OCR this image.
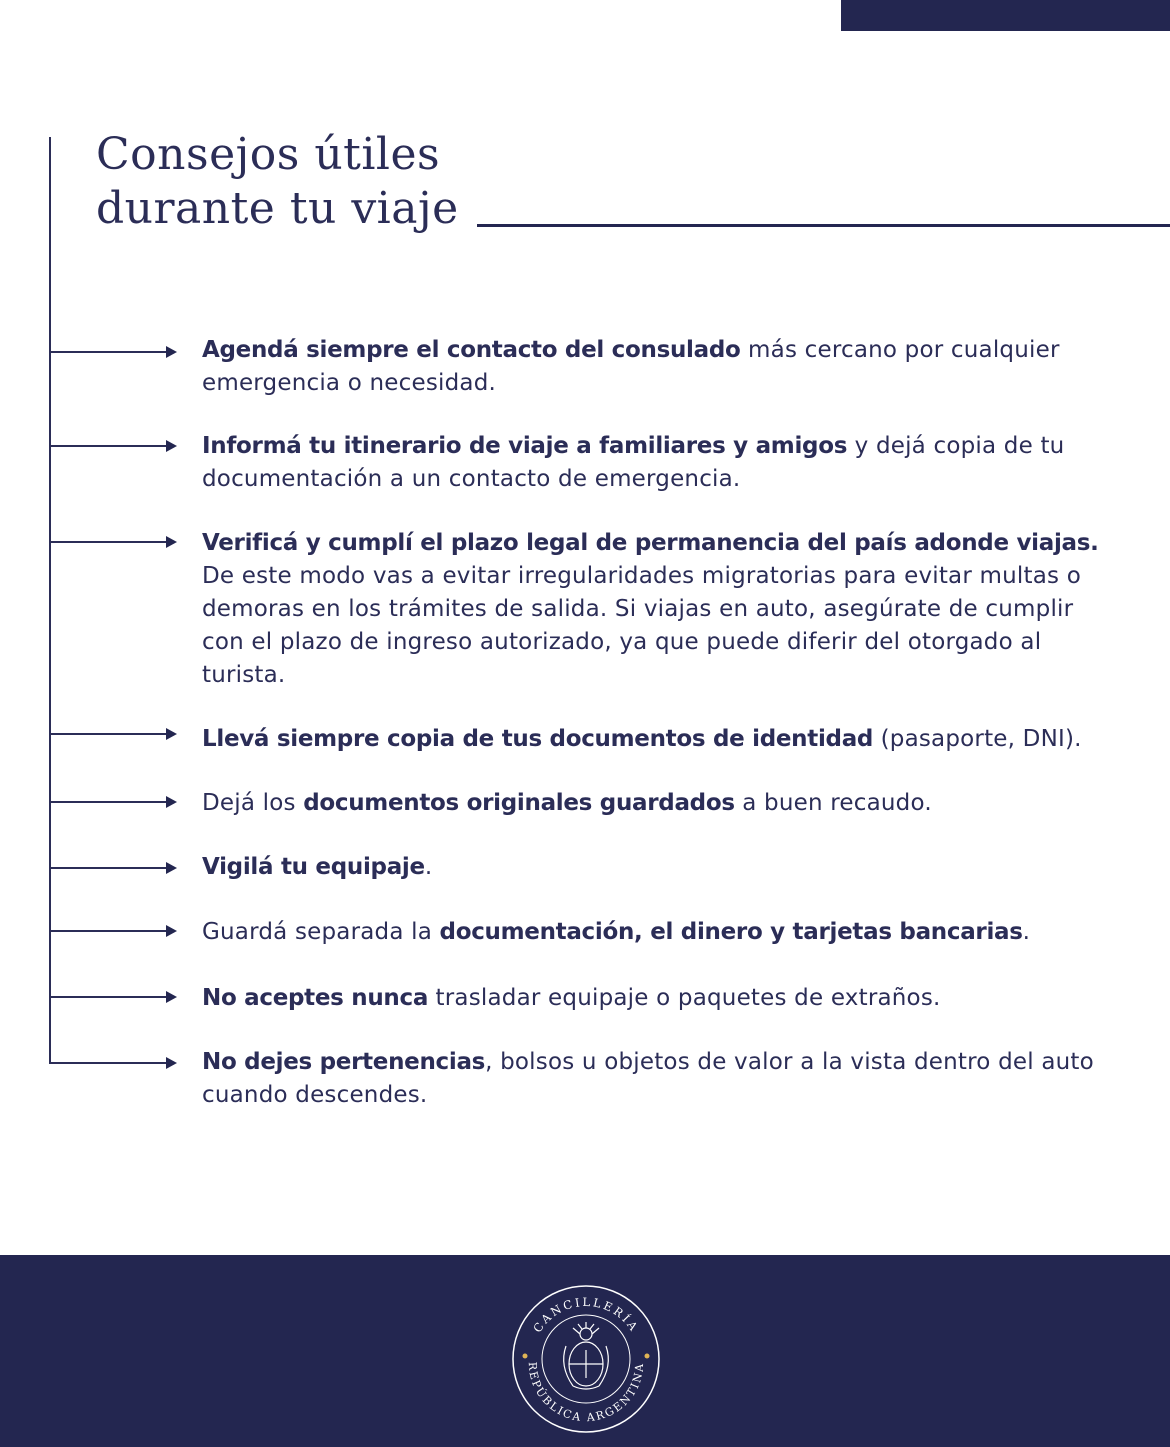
Consejos útiles
durante tu viaje

Agendá siempre el contacto del consulado más cercano por cualquier emergencia o necesidad.

Informá tu itinerario de viaje a familiares y amigos y dejá copia de tu documentación a un contacto de emergencia.

Verificá y cumplí el plazo legal de permanencia del país adonde viajas. De este modo vas a evitar irregularidades migratorias para evitar multas o demoras en los trámites de salida. Si viajas en auto, asegúrate de cumplir con el plazo de ingreso autorizado, ya que puede diferir del otorgado al turista.

Llevá siempre copia de tus documentos de identidad (pasaporte, DNI).

Dejá los documentos originales guardados a buen recaudo.

Vigilá tu equipaje.

Guardá separada la documentación, el dinero y tarjetas bancarias.

No aceptes nunca trasladar equipaje o paquetes de extraños.

No dejes pertenencias, bolsos u objetos de valor a la vista dentro del auto cuando descendes.

CANCILLERÍA
REPÚBLICA ARGENTINA
